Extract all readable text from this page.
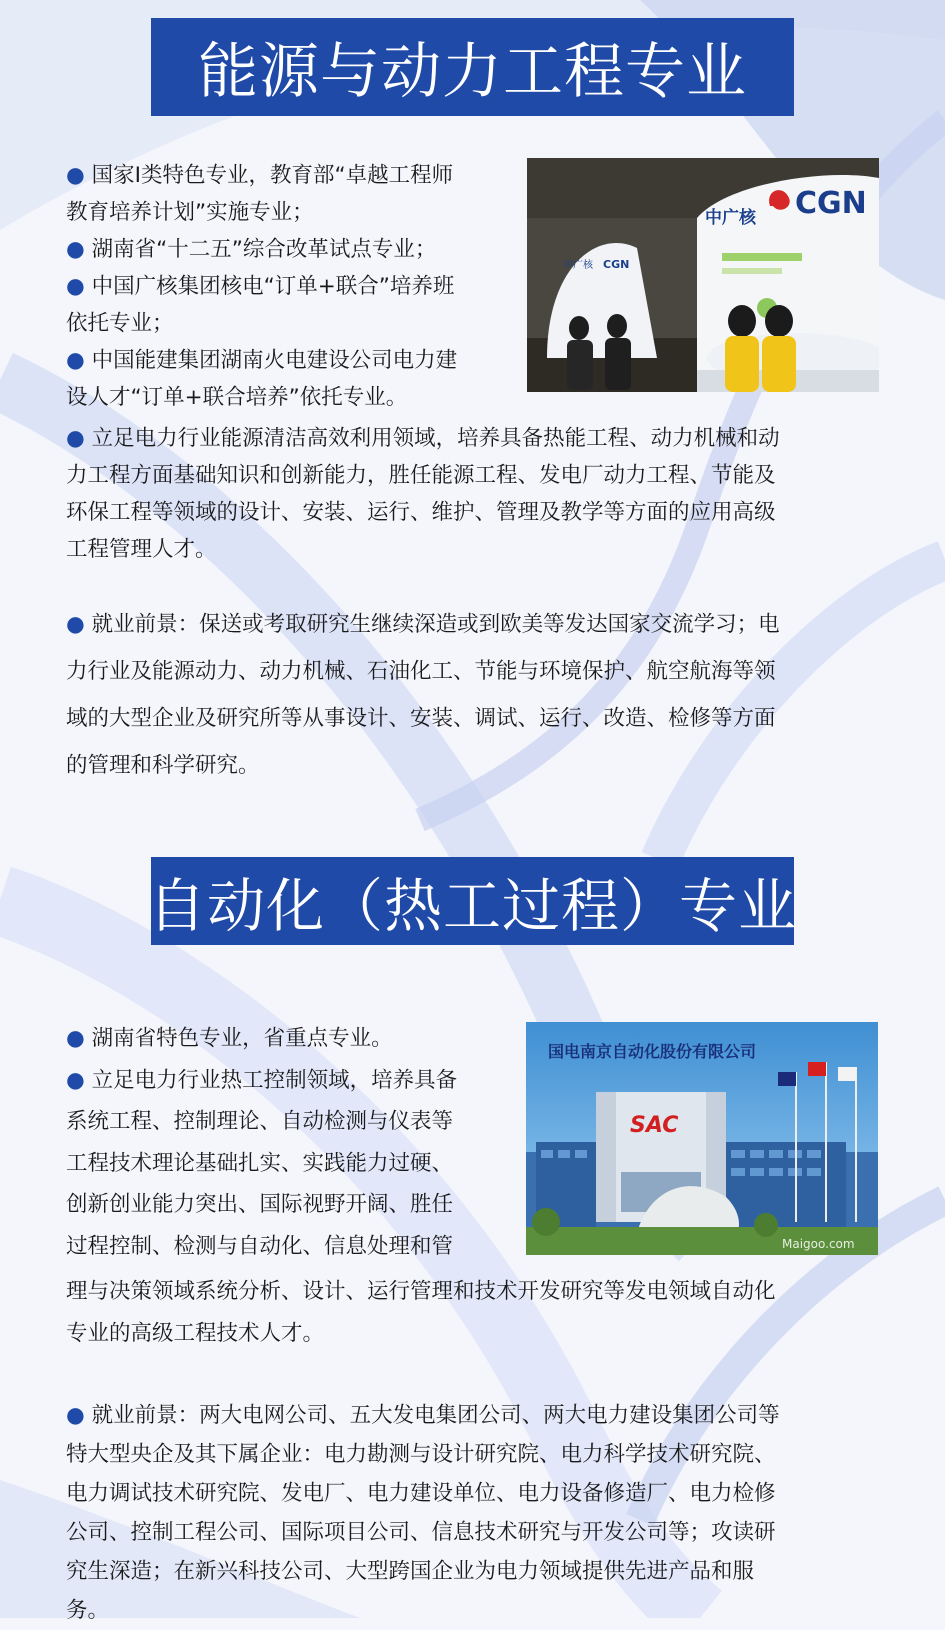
能源与动力工程专业
● 国家I类特色专业，教育部“卓越工程师
教育培养计划”实施专业；
● 湖南省“十二五”综合改革试点专业；
● 中国广核集团核电“订单+联合”培养班
依托专业；
● 中国能建集团湖南火电建设公司电力建
设人才“订单+联合培养”依托专业。
中广核 CGN
中广核 CGN
● 立足电力行业能源清洁高效利用领域，培养具备热能工程、动力机械和动
力工程方面基础知识和创新能力，胜任能源工程、发电厂动力工程、节能及
环保工程等领域的设计、安装、运行、维护、管理及教学等方面的应用高级
工程管理人才。
● 就业前景：保送或考取研究生继续深造或到欧美等发达国家交流学习；电
力行业及能源动力、动力机械、石油化工、节能与环境保护、航空航海等领
域的大型企业及研究所等从事设计、安装、调试、运行、改造、检修等方面
的管理和科学研究。
自动化（热工过程）专业
● 湖南省特色专业，省重点专业。
● 立足电力行业热工控制领域，培养具备
系统工程、控制理论、自动检测与仪表等
工程技术理论基础扎实、实践能力过硬、
创新创业能力突出、国际视野开阔、胜任
过程控制、检测与自动化、信息处理和管
国电南京自动化股份有限公司
SAC
Maigoo.com
理与决策领域系统分析、设计、运行管理和技术开发研究等发电领域自动化
专业的高级工程技术人才。
● 就业前景：两大电网公司、五大发电集团公司、两大电力建设集团公司等
特大型央企及其下属企业：电力勘测与设计研究院、电力科学技术研究院、
电力调试技术研究院、发电厂、电力建设单位、电力设备修造厂、电力检修
公司、控制工程公司、国际项目公司、信息技术研究与开发公司等；攻读研
究生深造；在新兴科技公司、大型跨国企业为电力领域提供先进产品和服
务。
